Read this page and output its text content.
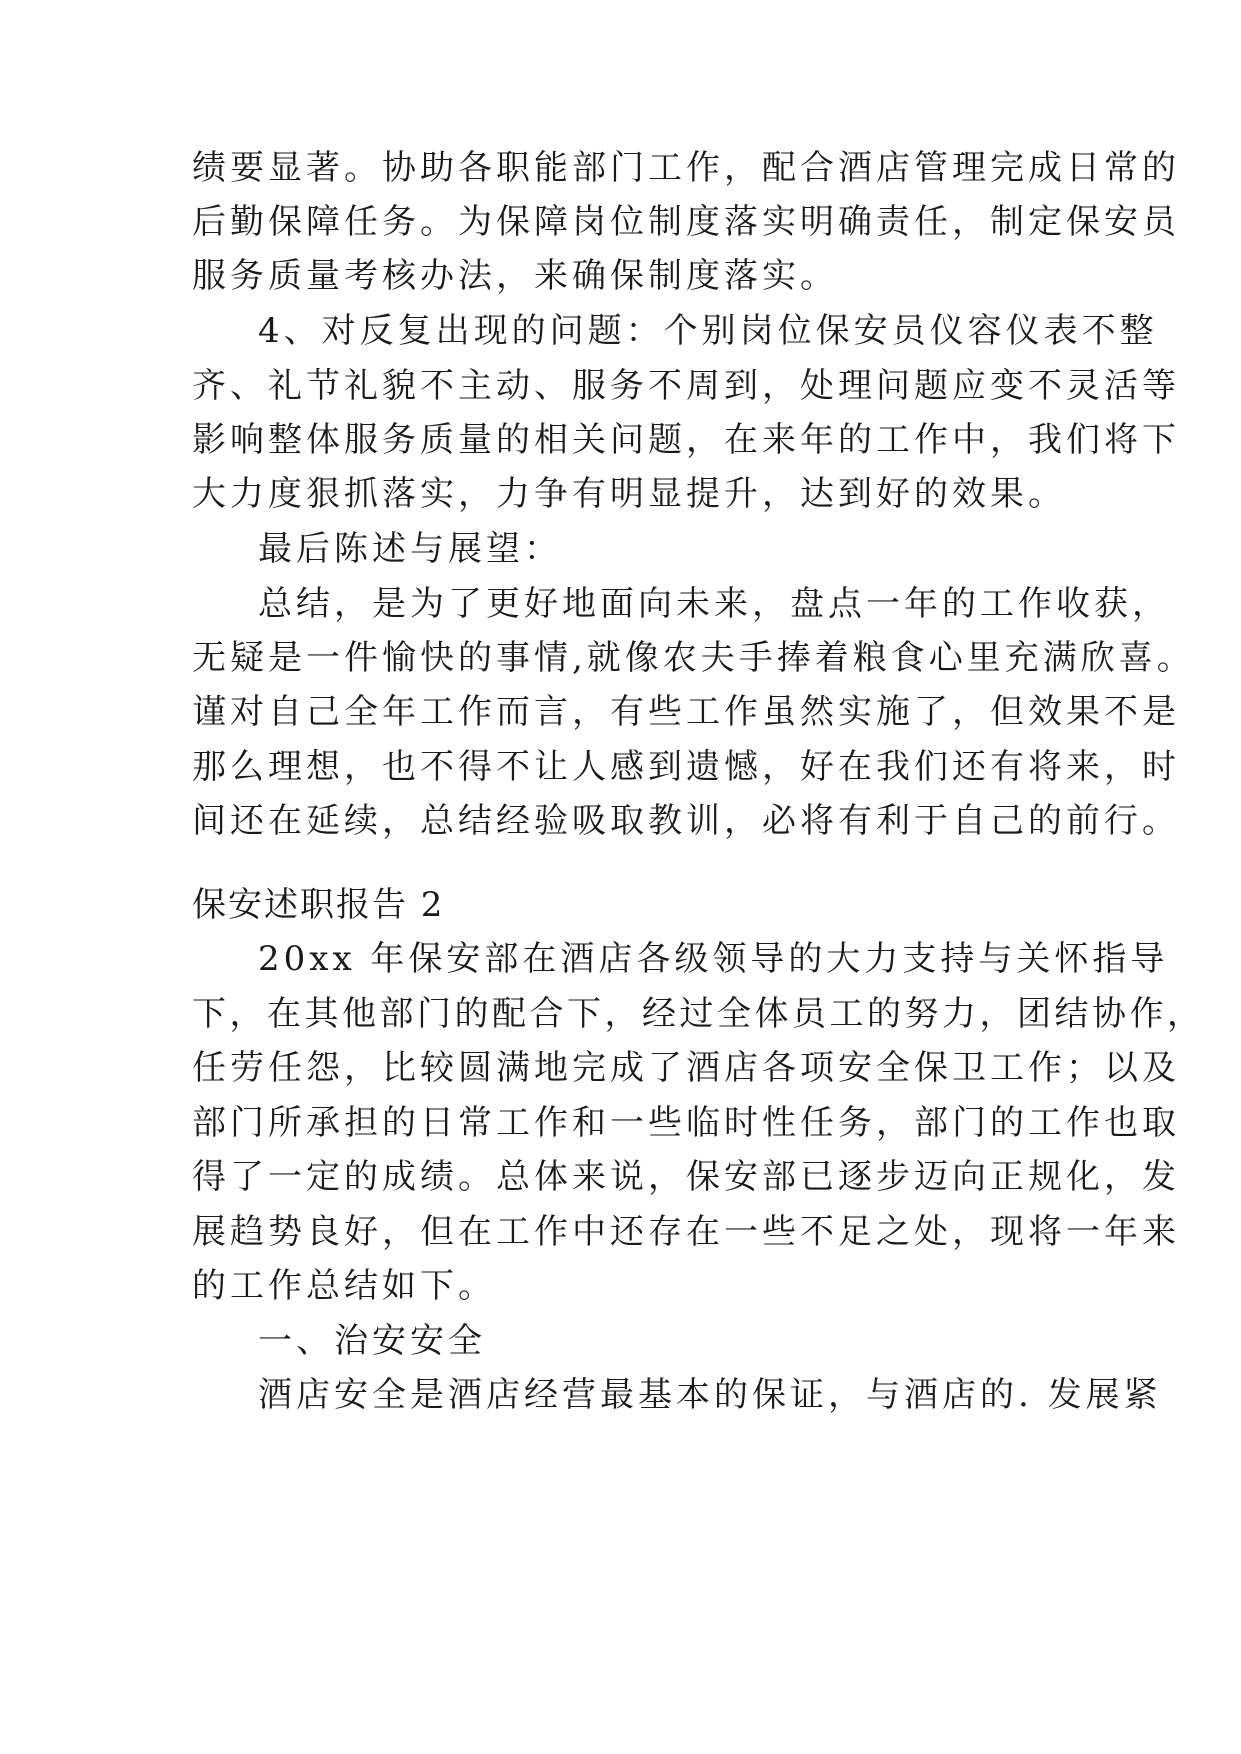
绩要显著。协助各职能部门工作，配合酒店管理完成日常的
后勤保障任务。为保障岗位制度落实明确责任，制定保安员
服务质量考核办法，来确保制度落实。
4、对反复出现的问题：个别岗位保安员仪容仪表不整
齐、礼节礼貌不主动、服务不周到，处理问题应变不灵活等
影响整体服务质量的相关问题，在来年的工作中，我们将下
大力度狠抓落实，力争有明显提升，达到好的效果。
最后陈述与展望：
总结，是为了更好地面向未来，盘点一年的工作收获，
无疑是一件愉快的事情,就像农夫手捧着粮食心里充满欣喜。
谨对自己全年工作而言，有些工作虽然实施了，但效果不是
那么理想，也不得不让人感到遗憾，好在我们还有将来，时
间还在延续，总结经验吸取教训，必将有利于自己的前行。
保安述职报告 2
20xx 年保安部在酒店各级领导的大力支持与关怀指导
下，在其他部门的配合下，经过全体员工的努力，团结协作，
任劳任怨，比较圆满地完成了酒店各项安全保卫工作；以及
部门所承担的日常工作和一些临时性任务，部门的工作也取
得了一定的成绩。总体来说，保安部已逐步迈向正规化，发
展趋势良好，但在工作中还存在一些不足之处，现将一年来
的工作总结如下。
一、治安安全
酒店安全是酒店经营最基本的保证，与酒店的. 发展紧
